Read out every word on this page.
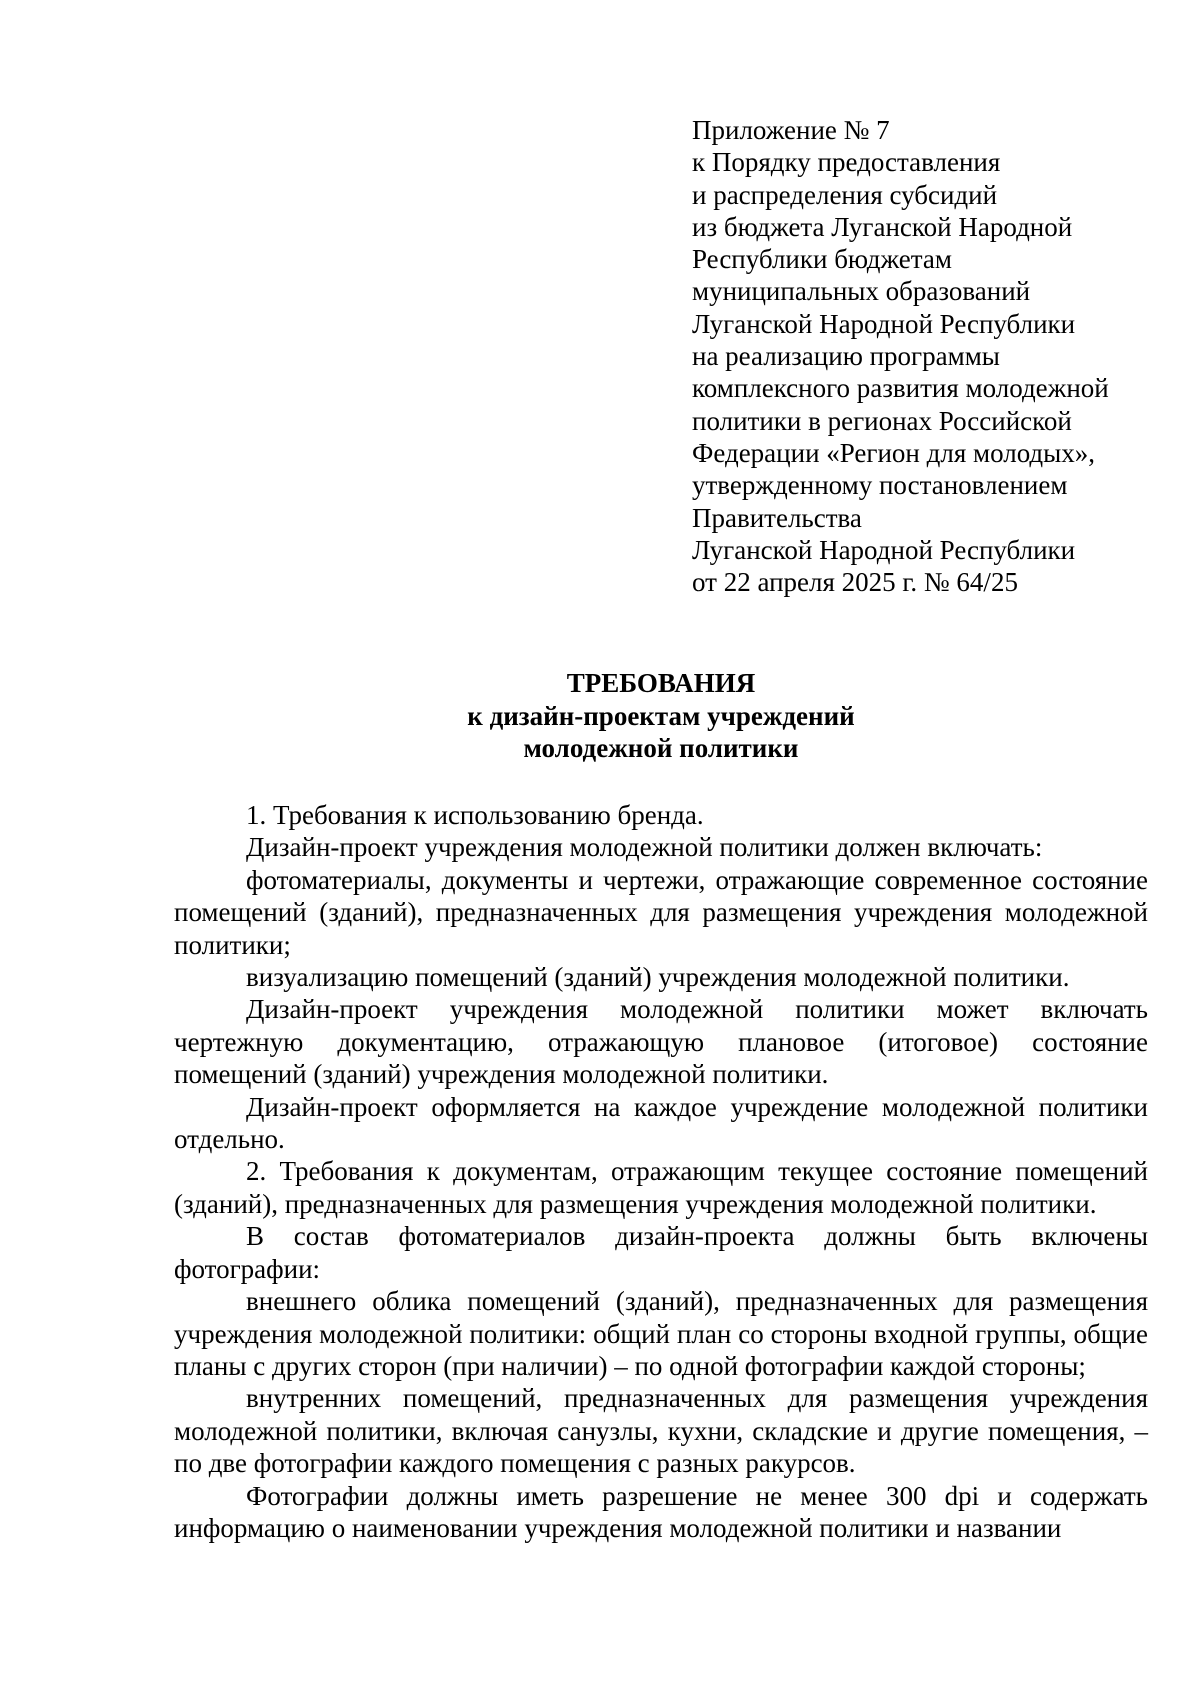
Приложение № 7
к Порядку предоставления
и распределения субсидий
из бюджета Луганской Народной
Республики бюджетам
муниципальных образований
Луганской Народной Республики
на реализацию программы
комплексного развития молодежной
политики в регионах Российской
Федерации «Регион для молодых»,
утвержденному постановлением
Правительства
Луганской Народной Республики
от 22 апреля 2025 г. № 64/25
ТРЕБОВАНИЯ
к дизайн-проектам учреждений
молодежной политики

1. Требования к использованию бренда.

Дизайн-проект учреждения молодежной политики должен включать:

фотоматериалы, документы и чертежи, отражающие современное состояние помещений (зданий), предназначенных для размещения учреждения молодежной политики;

визуализацию помещений (зданий) учреждения молодежной политики.

Дизайн-проект учреждения молодежной политики может включать чертежную документацию, отражающую плановое (итоговое) состояние помещений (зданий) учреждения молодежной политики.

Дизайн-проект оформляется на каждое учреждение молодежной политики отдельно.

2. Требования к документам, отражающим текущее состояние помещений (зданий), предназначенных для размещения учреждения молодежной политики.

В состав фотоматериалов дизайн-проекта должны быть включены фотографии:

внешнего облика помещений (зданий), предназначенных для размещения учреждения молодежной политики: общий план со стороны входной группы, общие планы с других сторон (при наличии) – по одной фотографии каждой стороны;

внутренних помещений, предназначенных для размещения учреждения молодежной политики, включая санузлы, кухни, складские и другие помещения, – по две фотографии каждого помещения с разных ракурсов.

Фотографии должны иметь разрешение не менее 300 dpi и содержать информацию о наименовании учреждения молодежной политики и названии
